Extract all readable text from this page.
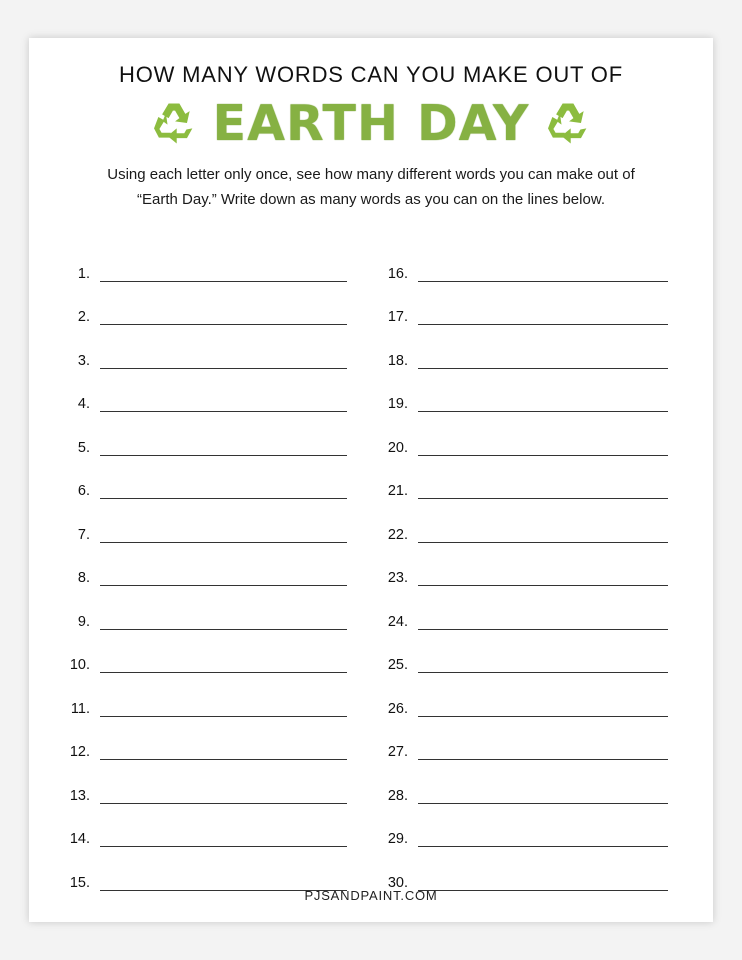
HOW MANY WORDS CAN YOU MAKE OUT OF
EARTH DAY
Using each letter only once, see how many different words you can make out of
“Earth Day.” Write down as many words as you can on the lines below.
1.
2.
3.
4.
5.
6.
7.
8.
9.
10.
11.
12.
13.
14.
15.
16.
17.
18.
19.
20.
21.
22.
23.
24.
25.
26.
27.
28.
29.
30.
PJSANDPAINT.COM
